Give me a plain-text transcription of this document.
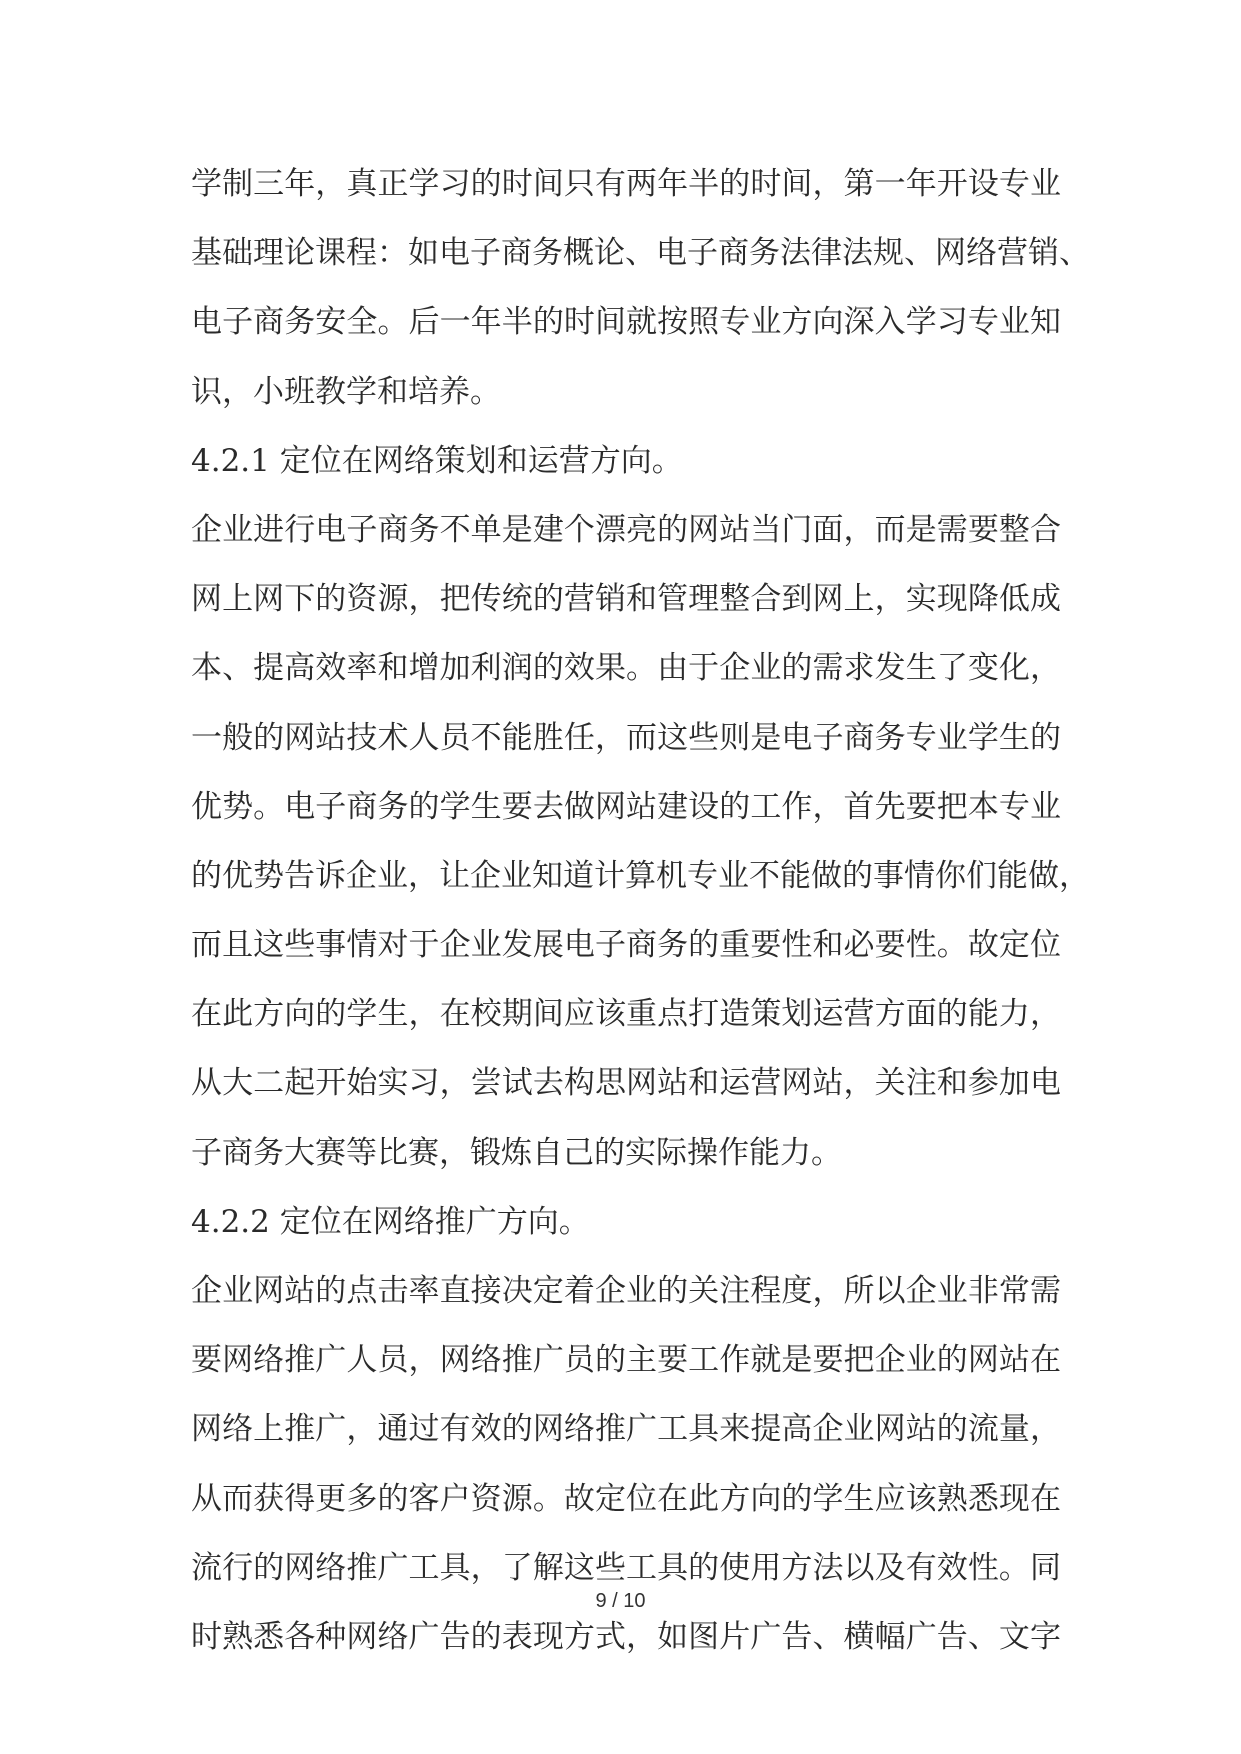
学制三年，真正学习的时间只有两年半的时间，第一年开设专业
基础理论课程：如电子商务概论、电子商务法律法规、网络营销、
电子商务安全。后一年半的时间就按照专业方向深入学习专业知
识，小班教学和培养。
4.2.1 定位在网络策划和运营方向。
企业进行电子商务不单是建个漂亮的网站当门面，而是需要整合
网上网下的资源，把传统的营销和管理整合到网上，实现降低成
本、提高效率和增加利润的效果。由于企业的需求发生了变化，
一般的网站技术人员不能胜任，而这些则是电子商务专业学生的
优势。电子商务的学生要去做网站建设的工作，首先要把本专业
的优势告诉企业，让企业知道计算机专业不能做的事情你们能做，
而且这些事情对于企业发展电子商务的重要性和必要性。故定位
在此方向的学生，在校期间应该重点打造策划运营方面的能力，
从大二起开始实习，尝试去构思网站和运营网站，关注和参加电
子商务大赛等比赛，锻炼自己的实际操作能力。
4.2.2 定位在网络推广方向。
企业网站的点击率直接决定着企业的关注程度，所以企业非常需
要网络推广人员，网络推广员的主要工作就是要把企业的网站在
网络上推广，通过有效的网络推广工具来提高企业网站的流量，
从而获得更多的客户资源。故定位在此方向的学生应该熟悉现在
流行的网络推广工具，了解这些工具的使用方法以及有效性。同
时熟悉各种网络广告的表现方式，如图片广告、横幅广告、文字
9 / 10
